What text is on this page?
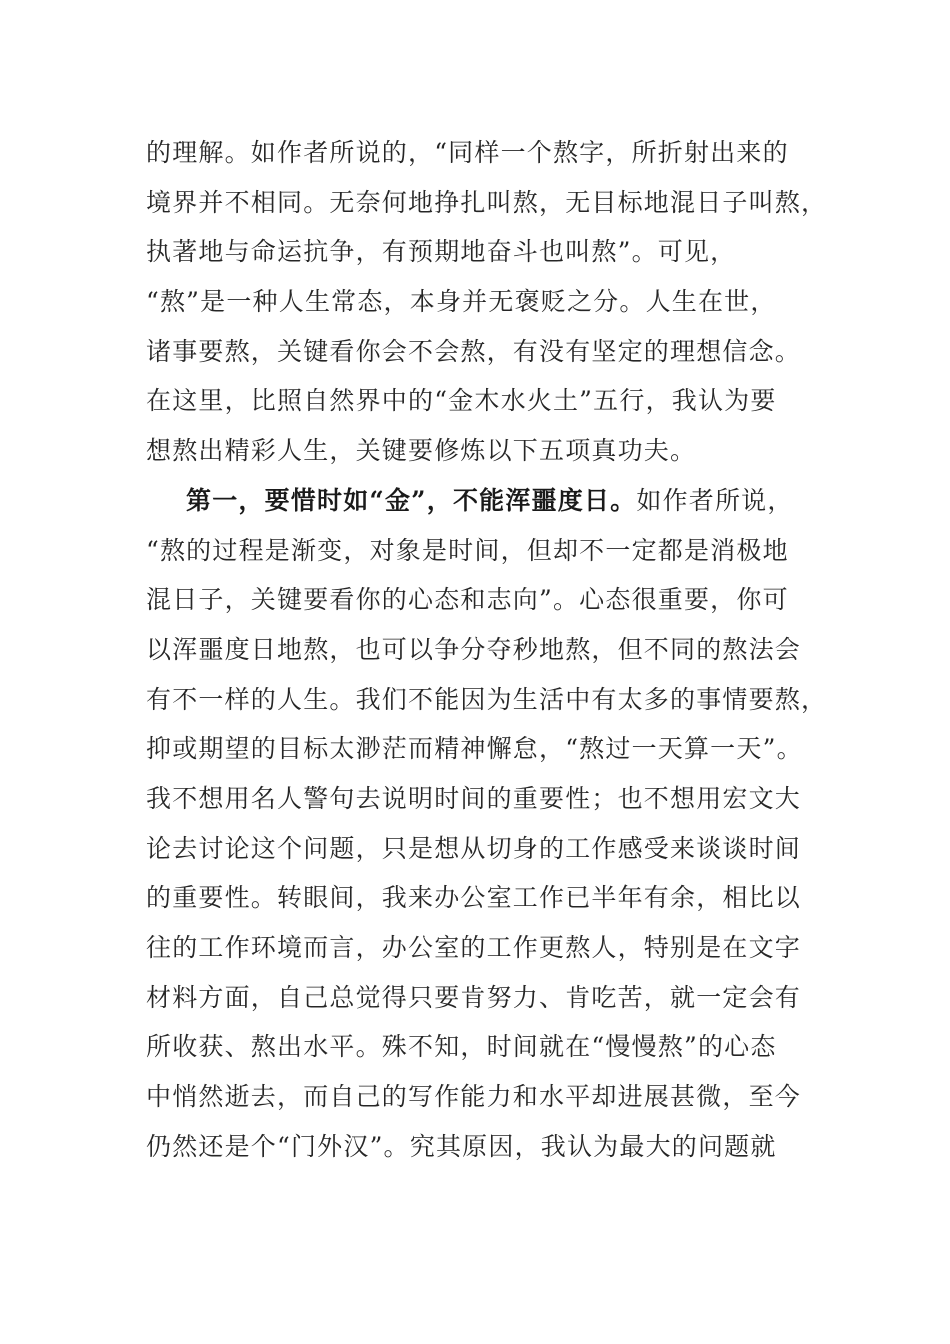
的理解。如作者所说的，“同样一个熬字，所折射出来的
境界并不相同。无奈何地挣扎叫熬，无目标地混日子叫熬，
执著地与命运抗争，有预期地奋斗也叫熬”。可见，
“熬”是一种人生常态，本身并无褒贬之分。人生在世，
诸事要熬，关键看你会不会熬，有没有坚定的理想信念。
在这里，比照自然界中的“金木水火土”五行，我认为要
想熬出精彩人生，关键要修炼以下五项真功夫。
第一，要惜时如“金”，不能浑噩度日。如作者所说，
“熬的过程是渐变，对象是时间，但却不一定都是消极地
混日子，关键要看你的心态和志向”。心态很重要，你可
以浑噩度日地熬，也可以争分夺秒地熬，但不同的熬法会
有不一样的人生。我们不能因为生活中有太多的事情要熬，
抑或期望的目标太渺茫而精神懈怠，“熬过一天算一天”。
我不想用名人警句去说明时间的重要性；也不想用宏文大
论去讨论这个问题，只是想从切身的工作感受来谈谈时间
的重要性。转眼间，我来办公室工作已半年有余，相比以
往的工作环境而言，办公室的工作更熬人，特别是在文字
材料方面，自己总觉得只要肯努力、肯吃苦，就一定会有
所收获、熬出水平。殊不知，时间就在“慢慢熬”的心态
中悄然逝去，而自己的写作能力和水平却进展甚微，至今
仍然还是个“门外汉”。究其原因，我认为最大的问题就
